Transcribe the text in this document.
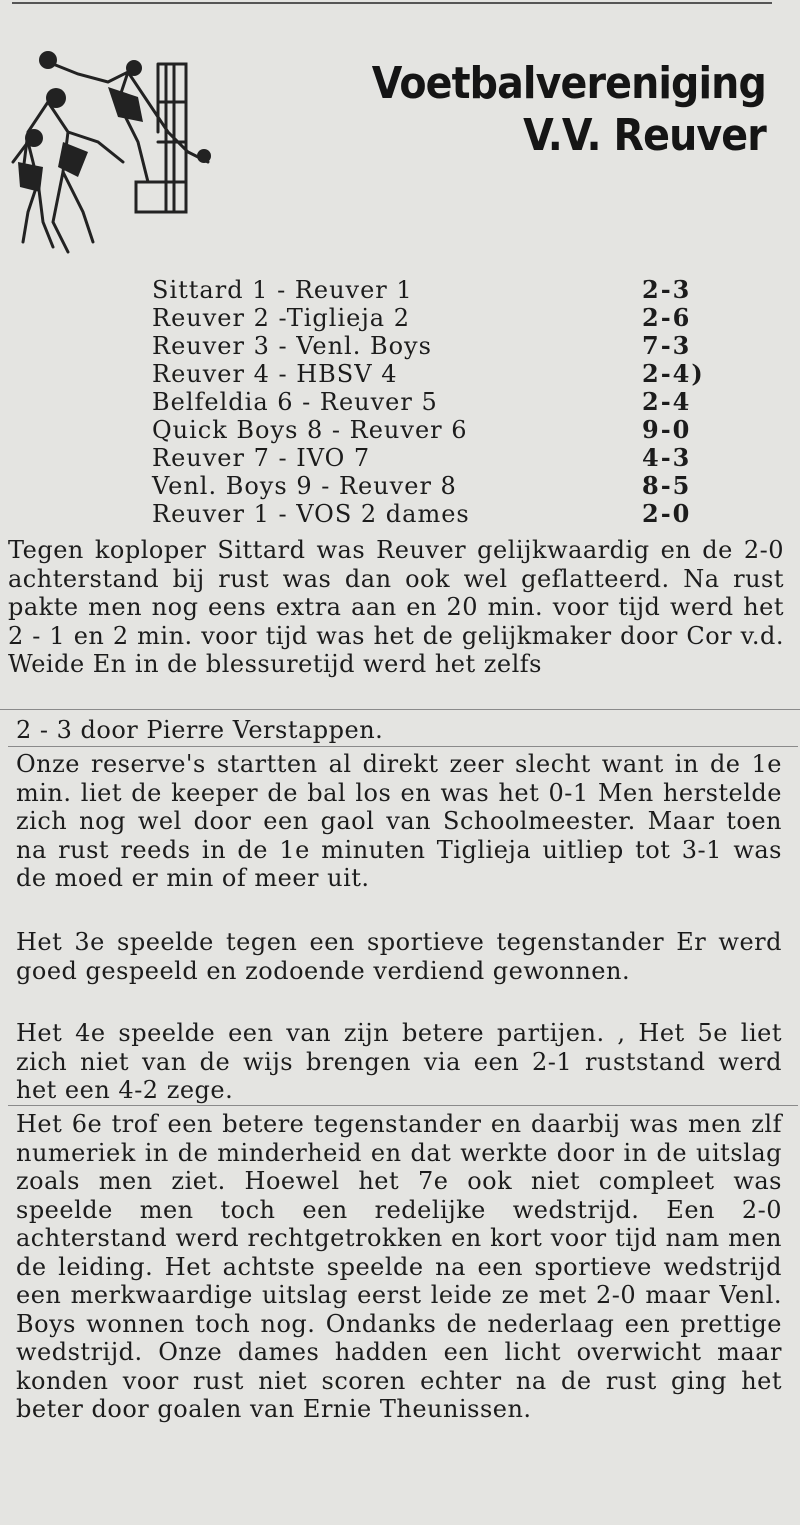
Voetbalvereniging
V.V. Reuver
Sittard 1 - Reuver 1	2-3
Reuver 2 -Tiglieja 2	2-6
Reuver 3 - Venl. Boys	7-3
Reuver 4 - HBSV 4	2-4)
Belfeldia 6 - Reuver 5	2-4
Quick Boys 8 - Reuver 6	9-0
Reuver 7 - IVO 7	4-3
Venl. Boys 9 - Reuver 8	8-5
Reuver 1 - VOS 2 dames	2-0
Tegen koploper Sittard was Reuver gelijkwaardig en de 2-0 achterstand bij rust was dan ook wel geflatteerd. Na rust pakte men nog eens extra aan en 20 min. voor tijd werd het 2 - 1 en 2 min. voor tijd was het de gelijkmaker door Cor v.d. Weide En in de blessuretijd werd het zelfs
2 - 3 door Pierre Verstappen.
Onze reserve's startten al direkt zeer slecht want in de 1e min. liet de keeper de bal los en was het 0-1 Men herstelde zich nog wel door een gaol van Schoolmeester. Maar toen na rust reeds in de 1e minuten Tiglieja uitliep tot 3-1 was de moed er min of meer uit.
Het 3e speelde tegen een sportieve tegenstander Er werd goed gespeeld en zodoende verdiend gewonnen.
Het 4e speelde een van zijn betere partijen. , Het 5e liet zich niet van de wijs brengen via een 2-1 ruststand werd het een 4-2 zege.
Het 6e trof een betere tegenstander en daarbij was men zlf numeriek in de minderheid en dat werkte door in de uitslag zoals men ziet. Hoewel het 7e ook niet compleet was speelde men toch een redelijke wedstrijd. Een 2-0 achterstand werd rechtgetrokken en kort voor tijd nam men de leiding. Het achtste speelde na een sportieve wedstrijd een merkwaardige uitslag eerst leide ze met 2-0 maar Venl. Boys wonnen toch nog. Ondanks de nederlaag een prettige wedstrijd. Onze dames hadden een licht overwicht maar konden voor rust niet scoren echter na de rust ging het beter door goalen van Ernie Theunissen.
